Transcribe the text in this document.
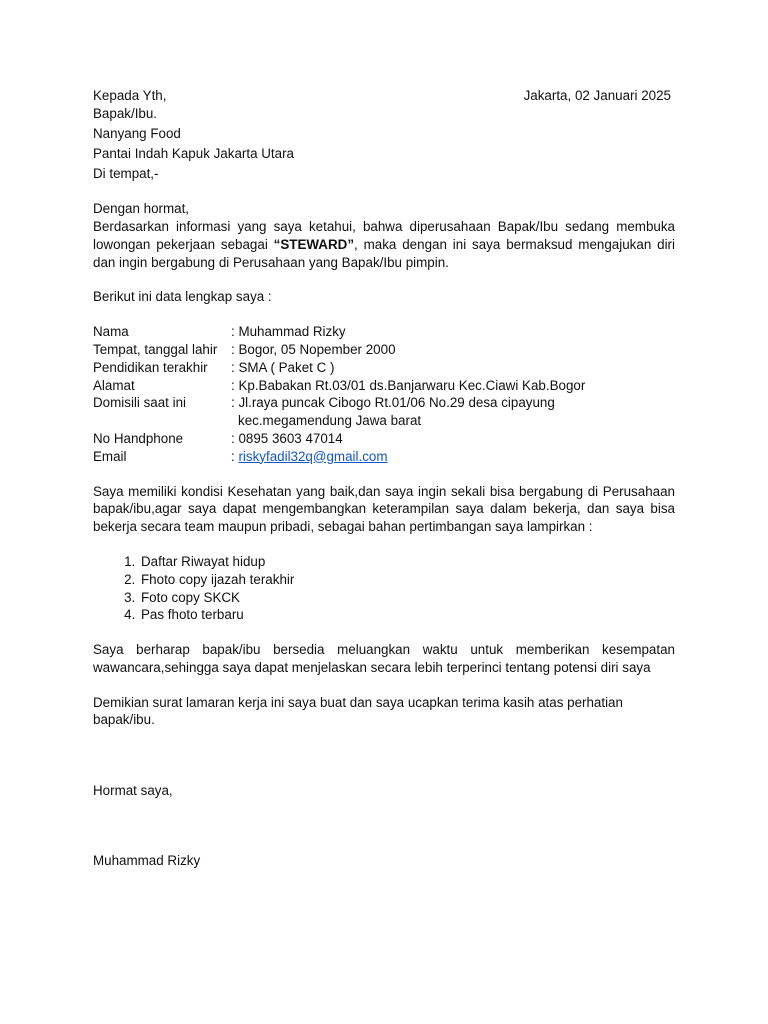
Kepada Yth,	Jakarta, 02 Januari 2025
Bapak/Ibu.
Nanyang Food
Pantai Indah Kapuk Jakarta Utara
Di tempat,-
Dengan hormat,

Berdasarkan informasi yang saya ketahui, bahwa diperusahaan Bapak/Ibu sedang membuka lowongan pekerjaan sebagai “STEWARD”, maka dengan ini saya bermaksud mengajukan diri dan ingin bergabung di Perusahaan yang Bapak/Ibu pimpin.

Berikut ini data lengkap saya :
Nama	: Muhammad Rizky
Tempat, tanggal lahir	: Bogor, 05 Nopember 2000
Pendidikan terakhir	: SMA ( Paket C )
Alamat	: Kp.Babakan Rt.03/01 ds.Banjarwaru Kec.Ciawi Kab.Bogor
Domisili saat ini	: Jl.raya puncak Cibogo Rt.01/06 No.29 desa cipayung
kec.megamendung Jawa barat

No Handphone	: 0895 3603 47014
Email	: riskyfadil32q@gmail.com

Saya memiliki kondisi Kesehatan yang baik,dan saya ingin sekali bisa bergabung di Perusahaan bapak/ibu,agar saya dapat mengembangkan keterampilan saya dalam bekerja, dan saya bisa bekerja secara team maupun pribadi, sebagai bahan pertimbangan saya lampirkan :

1. Daftar Riwayat hidup
2. Fhoto copy ijazah terakhir
3. Foto copy SKCK
4. Pas fhoto terbaru

Saya berharap bapak/ibu bersedia meluangkan waktu untuk memberikan kesempatan wawancara,sehingga saya dapat menjelaskan secara lebih terperinci tentang potensi diri saya

Demikian surat lamaran kerja ini saya buat dan saya ucapkan terima kasih atas perhatian bapak/ibu.

Hormat saya,
Muhammad Rizky
